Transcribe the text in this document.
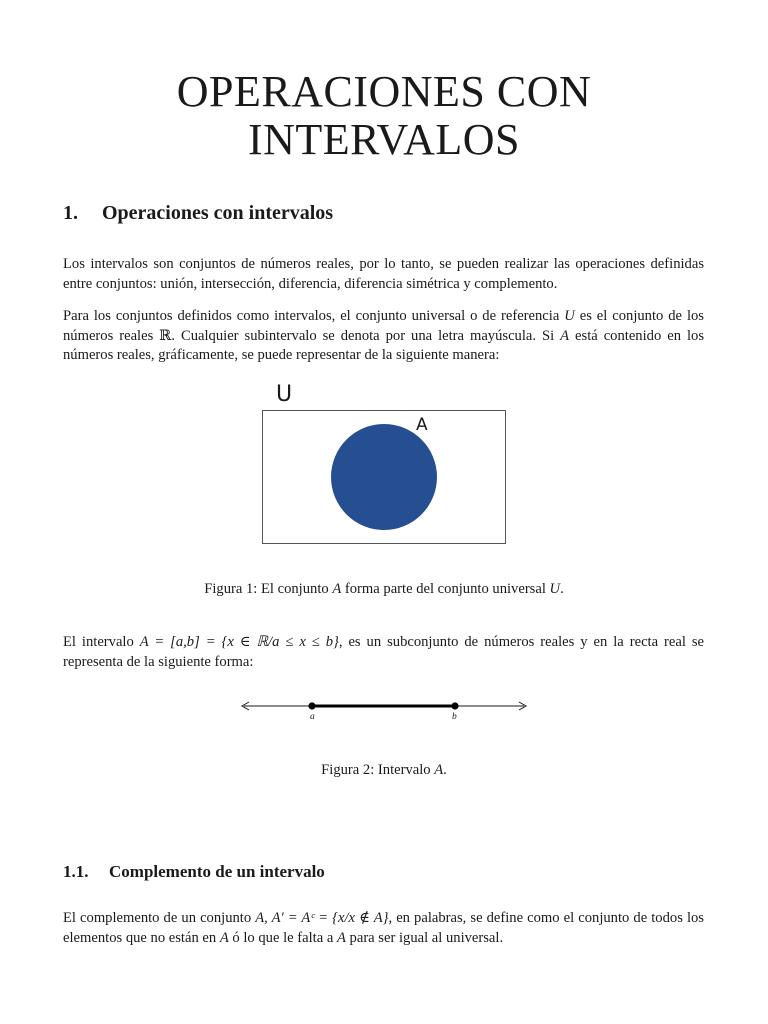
OPERACIONES CON
INTERVALOS
1. Operaciones con intervalos
Los intervalos son conjuntos de números reales, por lo tanto, se pueden realizar las operaciones definidas entre conjuntos: unión, intersección, diferencia, diferencia simétrica y complemento.
Para los conjuntos definidos como intervalos, el conjunto universal o de referencia U es el conjunto de los números reales ℝ. Cualquier subintervalo se denota por una letra mayúscula. Si A está contenido en los números reales, gráficamente, se puede representar de la siguiente manera:
U
A
Figura 1: El conjunto A forma parte del conjunto universal U.
El intervalo A = [a,b] = {x ∈ ℝ/a ≤ x ≤ b}, es un subconjunto de números reales y en la recta real se representa de la siguiente forma:
a	b
Figura 2: Intervalo A.
1.1. Complemento de un intervalo
El complemento de un conjunto A, A′ = Aᶜ = {x/x ∉ A}, en palabras, se define como el conjunto de todos los elementos que no están en A ó lo que le falta a A para ser igual al universal.
